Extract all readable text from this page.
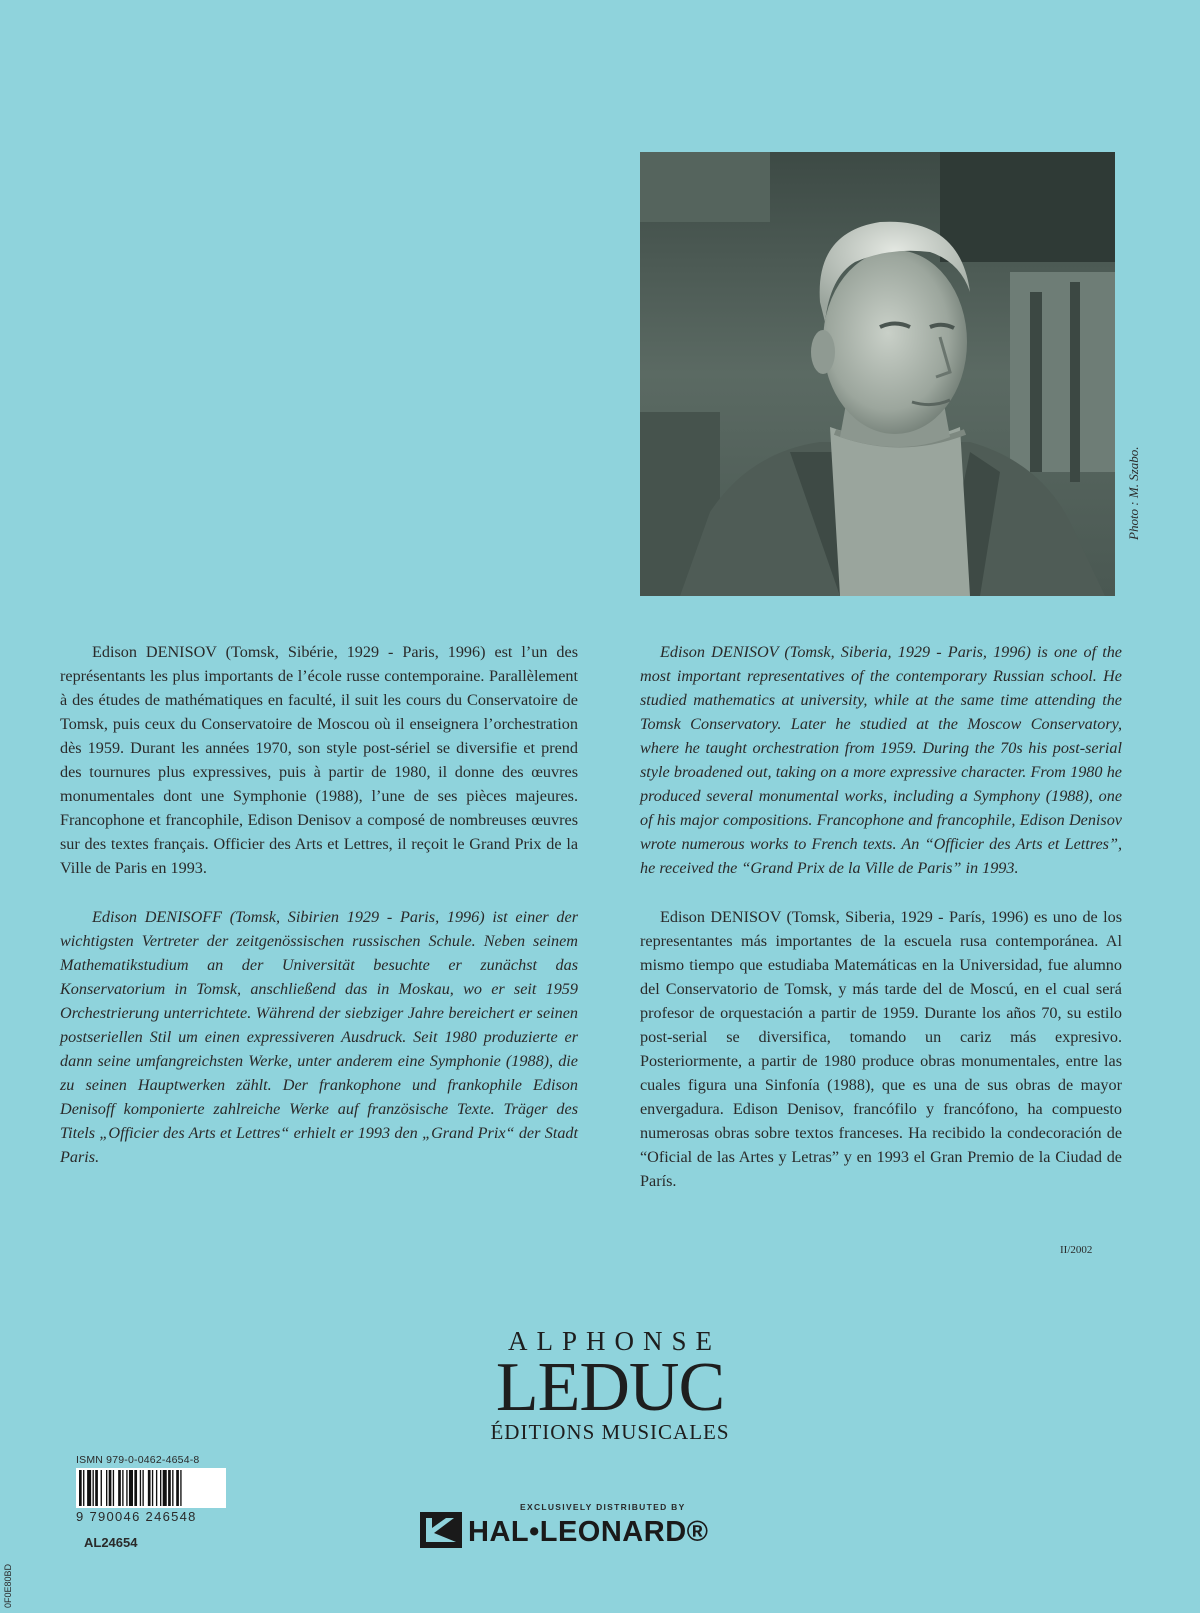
Photo : M. Szabo.

Edison DENISOV (Tomsk, Sibérie, 1929 - Paris, 1996) est l’un des représentants les plus importants de l’école russe contemporaine. Parallèlement à des études de mathématiques en faculté, il suit les cours du Conservatoire de Tomsk, puis ceux du Conservatoire de Moscou où il enseignera l’orchestration dès 1959. Durant les années 1970, son style post-sériel se diversifie et prend des tournures plus expressives, puis à partir de 1980, il donne des œuvres monumentales dont une Symphonie (1988), l’une de ses pièces majeures. Francophone et francophile, Edison Denisov a composé de nombreuses œuvres sur des textes français. Officier des Arts et Lettres, il reçoit le Grand Prix de la Ville de Paris en 1993.

Edison DENISOV (Tomsk, Siberia, 1929 - Paris, 1996) is one of the most important representatives of the contemporary Russian school. He studied mathematics at university, while at the same time attending the Tomsk Conservatory. Later he studied at the Moscow Conservatory, where he taught orchestration from 1959. During the 70s his post-serial style broadened out, taking on a more expressive character. From 1980 he produced several monumental works, including a Symphony (1988), one of his major compositions. Francophone and francophile, Edison Denisov wrote numerous works to French texts. An “Officier des Arts et Lettres”, he received the “Grand Prix de la Ville de Paris” in 1993.

Edison DENISOFF (Tomsk, Sibirien 1929 - Paris, 1996) ist einer der wichtigsten Vertreter der zeitgenössischen russischen Schule. Neben seinem Mathematikstudium an der Universität besuchte er zunächst das Konservatorium in Tomsk, anschließend das in Moskau, wo er seit 1959 Orchestrierung unterrichtete. Während der siebziger Jahre bereichert er seinen postseriellen Stil um einen expressiveren Ausdruck. Seit 1980 produzierte er dann seine umfangreichsten Werke, unter anderem eine Symphonie (1988), die zu seinen Hauptwerken zählt. Der frankophone und frankophile Edison Denisoff komponierte zahlreiche Werke auf französische Texte. Träger des Titels „Officier des Arts et Lettres“ erhielt er 1993 den „Grand Prix“ der Stadt Paris.

Edison DENISOV (Tomsk, Siberia, 1929 - París, 1996) es uno de los representantes más importantes de la escuela rusa contemporánea. Al mismo tiempo que estudiaba Matemáticas en la Universidad, fue alumno del Conservatorio de Tomsk, y más tarde del de Moscú, en el cual será profesor de orquestación a partir de 1959. Durante los años 70, su estilo post-serial se diversifica, tomando un cariz más expresivo. Posteriormente, a partir de 1980 produce obras monumentales, entre las cuales figura una Sinfonía (1988), que es una de sus obras de mayor envergadura. Edison Denisov, francófilo y francófono, ha compuesto numerosas obras sobre textos franceses. Ha recibido la condecoración de “Oficial de las Artes y Letras” y en 1993 el Gran Premio de la Ciudad de París.

II/2002
ALPHONSE
LEDUC
ÉDITIONS MUSICALES
ISMN 979-0-0462-4654-8
9 790046 246548
AL24654
EXCLUSIVELY DISTRIBUTED BY
HAL•LEONARD®
0F0E80BD
